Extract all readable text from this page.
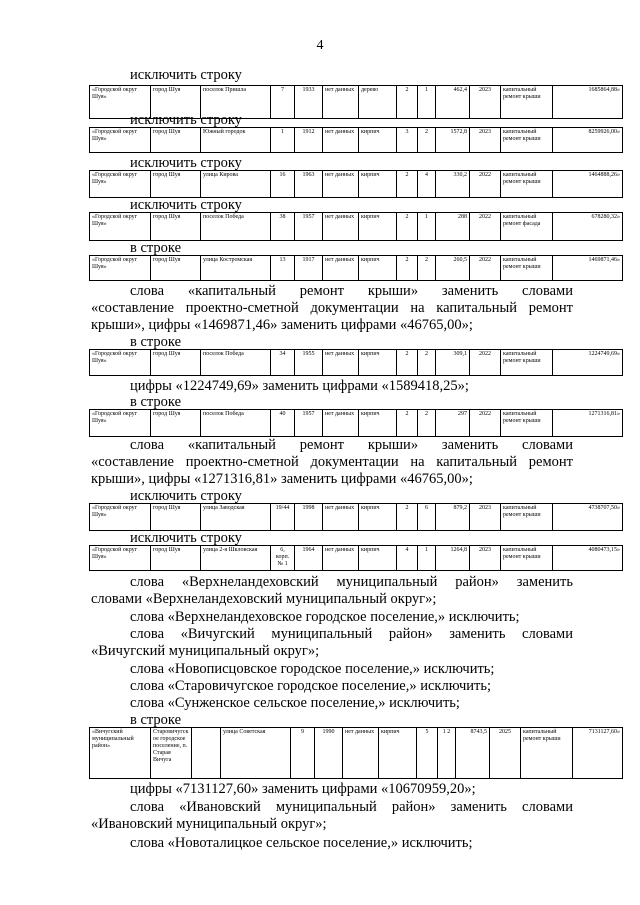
4
исключить строку
«Городской округ Шуя»	город Шуя	поселок Пришла	7	1933	нет данных	дерево	2	1	462,4	2023	капитальный ремонт крыши	1685864,88»
исключить строку
«Городской округ Шуя»	город Шуя	Южный городок	1	1912	нет данных	кирпич	3	2	1572,8	2023	капитальный ремонт крыши	8259926,00»
исключить строку
«Городской округ Шуя»	город Шуя	улица Кирова	16	1963	нет данных	кирпич	2	4	330,2	2022	капитальный ремонт крыши	1464888,26»
исключить строку
«Городской округ Шуя»	город Шуя	поселок Победа	38	1957	нет данных	кирпич	2	1	288	2022	капитальный ремонт фасада	678280,32»
в строке
«Городской округ Шуя»	город Шуя	улица Костромская	13	1917	нет данных	кирпич	2	2	260,5	2022	капитальный ремонт крыши	1469871,46»
слова «капитальный ремонт крыши» заменить словами
«составление проектно-сметной документации на капитальный ремонт
крыши», цифры «1469871,46» заменить цифрами «46765,00»;
в строке
«Городской округ Шуя»	город Шуя	поселок Победа	34	1955	нет данных	кирпич	2	2	309,1	2022	капитальный ремонт крыши	1224749,69»
цифры «1224749,69» заменить цифрами «1589418,25»;
в строке
«Городской округ Шуя»	город Шуя	поселок Победа	40	1957	нет данных	кирпич	2	2	297	2022	капитальный ремонт крыши	1271316,81»
слова «капитальный ремонт крыши» заменить словами
«составление проектно-сметной документации на капитальный ремонт
крыши», цифры «1271316,81» заменить цифрами «46765,00»;
исключить строку
«Городской округ Шуя»	город Шуя	улица Заводская	19/44	1998	нет данных	кирпич	2	6	879,2	2023	капитальный ремонт крыши	4738707,50»
исключить строку
«Городской округ Шуя»	город Шуя	улица 2-я Шкловская	6, корп. № 1	1964	нет данных	кирпич	4	1	1264,8	2023	капитальный ремонт крыши	4080473,15»
слова «Верхнеландеховский муниципальный район» заменить
словами «Верхнеландеховский муниципальный округ»;
слова «Верхнеландеховское городское поселение,» исключить;
слова «Вичугский муниципальный район» заменить словами
«Вичугский муниципальный округ»;
слова «Новописцовское городское поселение,» исключить;
слова «Старовичугское городское поселение,» исключить;
слова «Сунженское сельское поселение,» исключить;
в строке
«Вичугский муниципальный район»	Старовичугское городское поселение, п. Старая Вичуга		улица Советская	9	1990	нет данных	кирпич	5	1 2	8743,5	2025	капитальный ремонт крыши	7131127,60»
цифры «7131127,60» заменить цифрами «10670959,20»;
слова «Ивановский муниципальный район» заменить словами
«Ивановский муниципальный округ»;
слова «Новоталицкое сельское поселение,» исключить;
